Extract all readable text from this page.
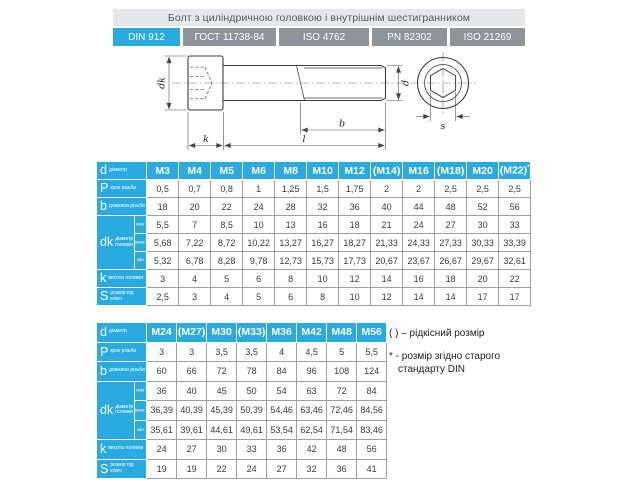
Болт з циліндричною головкою і внутрішнім шестигранником
DIN 912	ГОСТ 11738-84	ISO 4762	PN 82302	ISO 21269
dk
k	l
b
d
s
d діаметр		M3	M4	M5	M6	M8	M10	M12	(M14)	M16	(M18)	M20	(M22)*

P крок різьби		0,5	0,7	0,8	1	1,25	1,5	1,75	2	2	2,5	2,5	2,5

b довжина різьби		18	20	22	24	28	32	36	40	44	48	52	56

dk діаметр головки	ном*	5,5	7	8,5	10	13	16	18	21	24	27	30	33
	макс*	5,68	7,22	8,72	10,22	13,27	16,27	18,27	21,33	24,33	27,33	30,33	33,39
	мін	5,32	6,78	8,28	9,78	12,73	15,73	17,73	20,67	23,67	26,67	29,67	32,61

k висота головки		3	4	5	6	8	10	12	14	16	18	20	22

S розмір під ключ		2,5	3	4	5	6	8	10	12	14	14	17	17
d діаметр		M24	(M27)	M30	(M33)	M36	M42	M48	M56

P крок різьби		3	3	3,5	3,5	4	4,5	5	5,5

b довжина різьби		60	66	72	78	84	96	108	124

dk діаметр головки	ном*	36	40	45	50	54	63	72	84
	макс*	36,39	40,39	45,39	50,39	54,46	63,46	72,46	84,56
	мін	35,61	39,61	44,61	49,61	53,54	62,54	71,54	83,46

k висота головки		24	27	30	33	36	42	48	56

S розмір під ключ		19	19	22	24	27	32	36	41

( ) – рідкісний розмір

* - розмір згідно старого стандарту DIN
